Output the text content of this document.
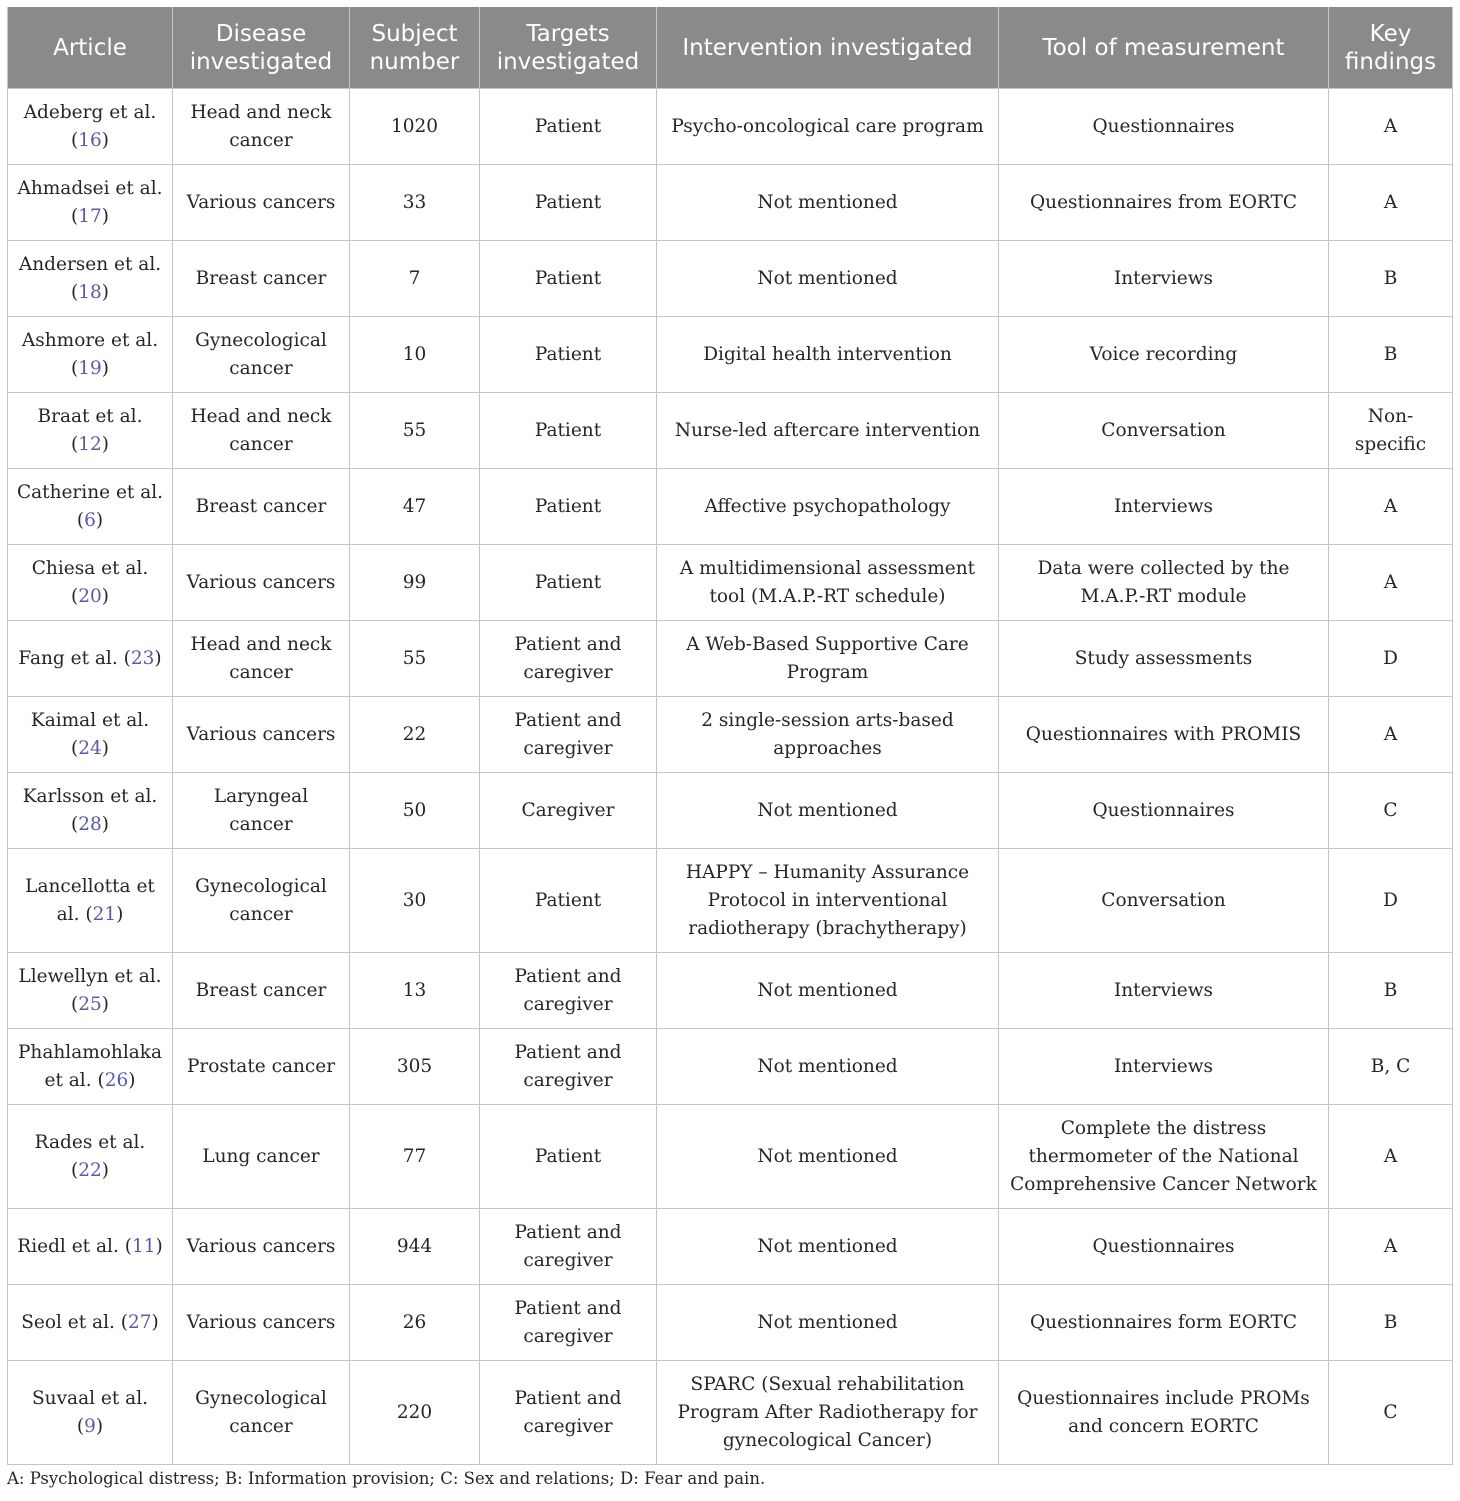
Article	Disease investigated	Subject number	Targets investigated	Intervention investigated	Tool of measurement	Key findings
Adeberg et al. (16)	Head and neck cancer	1020	Patient	Psycho-oncological care program	Questionnaires	A
Ahmadsei et al. (17)	Various cancers	33	Patient	Not mentioned	Questionnaires from EORTC	A
Andersen et al. (18)	Breast cancer	7	Patient	Not mentioned	Interviews	B
Ashmore et al. (19)	Gynecological cancer	10	Patient	Digital health intervention	Voice recording	B
Braat et al. (12)	Head and neck cancer	55	Patient	Nurse-led aftercare intervention	Conversation	Non-specific
Catherine et al. (6)	Breast cancer	47	Patient	Affective psychopathology	Interviews	A
Chiesa et al. (20)	Various cancers	99	Patient	A multidimensional assessment tool (M.A.P.-RT schedule)	Data were collected by the M.A.P.-RT module	A
Fang et al. (23)	Head and neck cancer	55	Patient and caregiver	A Web-Based Supportive Care Program	Study assessments	D
Kaimal et al. (24)	Various cancers	22	Patient and caregiver	2 single-session arts-based approaches	Questionnaires with PROMIS	A
Karlsson et al. (28)	Laryngeal cancer	50	Caregiver	Not mentioned	Questionnaires	C
Lancellotta et al. (21)	Gynecological cancer	30	Patient	HAPPY – Humanity Assurance Protocol in interventional radiotherapy (brachytherapy)	Conversation	D
Llewellyn et al. (25)	Breast cancer	13	Patient and caregiver	Not mentioned	Interviews	B
Phahlamohlaka et al. (26)	Prostate cancer	305	Patient and caregiver	Not mentioned	Interviews	B, C
Rades et al. (22)	Lung cancer	77	Patient	Not mentioned	Complete the distress thermometer of the National Comprehensive Cancer Network	A
Riedl et al. (11)	Various cancers	944	Patient and caregiver	Not mentioned	Questionnaires	A
Seol et al. (27)	Various cancers	26	Patient and caregiver	Not mentioned	Questionnaires form EORTC	B
Suvaal et al. (9)	Gynecological cancer	220	Patient and caregiver	SPARC (Sexual rehabilitation Program After Radiotherapy for gynecological Cancer)	Questionnaires include PROMs and concern EORTC	C
A: Psychological distress; B: Information provision; C: Sex and relations; D: Fear and pain.
